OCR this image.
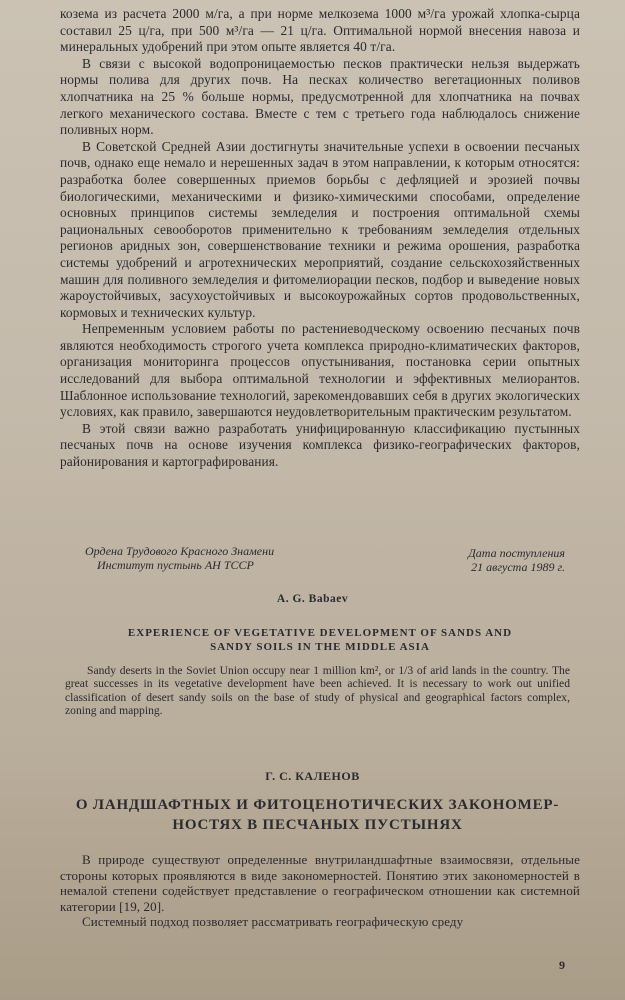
козема из расчета 2000 м/га, а при норме мелкозема 1000 м³/га урожай хлопка-сырца составил 25 ц/га, при 500 м³/га — 21 ц/га. Оптимальной нормой внесения навоза и минеральных удобрений при этом опыте является 40 т/га.

В связи с высокой водопроницаемостью песков практически нельзя выдержать нормы полива для других почв. На песках количество вегетационных поливов хлопчатника на 25 % больше нормы, предусмотренной для хлопчатника на почвах легкого механического состава. Вместе с тем с третьего года наблюдалось снижение поливных норм.

В Советской Средней Азии достигнуты значительные успехи в освоении песчаных почв, однако еще немало и нерешенных задач в этом направлении, к которым относятся: разработка более совершенных приемов борьбы с дефляцией и эрозией почвы биологическими, механическими и физико-химическими способами, определение основных принципов системы земледелия и построения оптимальной схемы рациональных севооборотов применительно к требованиям земледелия отдельных регионов аридных зон, совершенствование техники и режима орошения, разработка системы удобрений и агротехнических мероприятий, создание сельскохозяйственных машин для поливного земледелия и фитомелиорации песков, подбор и выведение новых жароустойчивых, засухоустойчивых и высокоурожайных сортов продовольственных, кормовых и технических культур.

Непременным условием работы по растениеводческому освоению песчаных почв являются необходимость строгого учета комплекса природно-климатических факторов, организация мониторинга процессов опустынивания, постановка серии опытных исследований для выбора оптимальной технологии и эффективных мелиорантов. Шаблонное использование технологий, зарекомендовавших себя в других экологических условиях, как правило, завершаются неудовлетворительным практическим результатом.

В этой связи важно разработать унифицированную классификацию пустынных песчаных почв на основе изучения комплекса физико-географических факторов, районирования и картографирования.

Ордена Трудового Красного Знамени
Институт пустынь АН ТССР
Дата поступления
21 августа 1989 г.
A. G. Babaev
EXPERIENCE OF VEGETATIVE DEVELOPMENT OF SANDS AND
SANDY SOILS IN THE MIDDLE ASIA
Sandy deserts in the Soviet Union occupy near 1 million km², or 1/3 of arid lands in the country. The great successes in its vegetative development have been achieved. It is necessary to work out unified classification of desert sandy soils on the base of study of physical and geographical factors complex, zoning and mapping.
Г. С. КАЛЕНОВ
О ЛАНДШАФТНЫХ И ФИТОЦЕНОТИЧЕСКИХ ЗАКОНОМЕР-
НОСТЯХ В ПЕСЧАНЫХ ПУСТЫНЯХ

В природе существуют определенные внутриландшафтные взаимосвязи, отдельные стороны которых проявляются в виде закономерностей. Понятию этих закономерностей в немалой степени содействует представление о географическом отношении как системной категории [19, 20].

Системный подход позволяет рассматривать географическую среду

9
